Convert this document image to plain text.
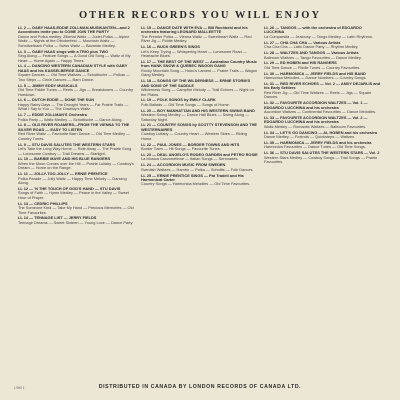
OTHER RECORDS YOU WILL ENJOY
LL 2 — GABY HAAS-EDDIE ZOLLMAN-MUSIKANTEN—and 2 Accordions invite you to COME JOIN THE PARTY
Dance and Polka medley. Zillertal Waltz — Jodel-Polka — Alpine Waltz — Nights at the Oktoberfest — Mountain Waltz — Schnitzelbank Polka — Swiss Waltz — Bavarian Medley.
LL 3 — GABY HAAS sings with a TRIO plus TWO
Sing Along — Feature Songs — A Good Old Song — Waltz of My Heart — Home Again — Happy Times.
LL 4 — DANCING WESTERN CANADIAN STYLE with GABY HAAS and his KASSELBERGE DANCE
Square Dances — Old Time Waltzes — Schottische — Polkas — Two Steps — Circle Dances — Barn Dance.
LL 5 — JIMMY EDDY MUSICALS
Old Time Fiddle Tunes — Reels — Jigs — Breakdowns — Country Hoedown.
LL 6 — DUTCH EDDIE — DONE THE SUN
Happy Rainy Days — The Drought Years — Far Prairie Trails — What I Say to You — The Cowboy's Waltz.
LL 7 — EDDIE ZOLLMAN'S Orchestra
Polka Party — Waltz Medley — Schottische — Dance Along.
LL 8 — OLD RIVER ROAMERS—FROM THE VIENNA TO THE SILVER ROAD — EASY TO LISTEN
Red River Waltz — Favourite Barn Dance — Old Time Medley — Country Tunes.
LL 9 — STU DAVIS SALUTES THE WESTERN STARS
Let's Take the Long Way Home — Ride Away — The Prairie Song — Lonesome Cowboy — Trail Dreams — Starlight.
LL 10 — BARBIE MAYE AND HIS BLUE RANGERS
When the Moon Comes over the Hill — Prairie Lullaby — Cowboy's Dream — Home on the Range.
LL 11 — JOLLY-TOO-JOLLY — ERNIE PRENTICE
Polka Parade — Jolly Waltz — Happy Time Melody — Dancing Along.
LL 12 — 'N THE TOUCH OF GOD'S HAND — STU DAVIS
Songs of Faith — Hymn Medley — Peace in the Valley — Sweet Hour of Prayer.
LL 13 — CEDRIC PHILLIPS
The Someone Kind — Take My Hand — Precious Memories — Old Time Favourites.
LL 14 — TENNAGE LIST — JERRY FIELDS
Teenage Dreams — Sweet Sixteen — Young Love — Dance Party.
LL 15 — DANCE DATE WITH EVA — Bill Ruchbeld and his orchestra featuring LEONARD MALLEETTE
The Premier Polka — Vienna Waltz — Sweetheart Waltz — Red River Jig — Fiddle Medley.
LL 16 — BUCK GREEN'S SINGS
Let's Keep Trying — Whispering Heart — Lonesome Road — Heartache Blues.
LL 17 — THE BEST OF THE WEST — Australian Country Music from HANK SNOW & QUEBEC WAGON GANG
Rocky Mountain Song — Hobo's Lament — Prairie Trails — Wagon Gang Medley.
LL 18 — SONGS OF THE WILDERNESS — ERNIE STORM'S AND SONS OF THE SADDLE
Wilderness Song — Campfire Melody — Trail Echoes — Night on the Plains.
LL 19 — FOLK SONGS by EMILY CLARK
Folk Ballads — Old Time Songs — Songs of Home.
LL 20 — BOY MANHATTAN AND HIS WESTERN SWING BAND
Western Swing Medley — Dance Hall Blues — Swing Along — Saturday Night.
LL 21 — COUNTRY SONGS by SCOTTY STEVENSON AND THE WESTERNAIRES
Cowboy Lullaby — Country Heart — Western Skies — Riding Home.
LL 22 — PAUL JONES — BORDER TOWNS AND HITS
Border Town — Hit Songs — Favourite Tunes.
LL 23 — DEAL ANGELO'S RODEO GARDEN and PETRO ROSIE
La Musica Canzonettone — Italian Songs — Serenades.
LL 24 — ACCORDION MUSIC FROM SWEDEN
Swedish Waltzes — Hambo — Polka — Schottis — Folk Dances.
LL 25 — ERNIE PRENTICE SINGS — Pat Tradell and His Harmonicat Carter
Country Songs — Harmonica Melodies — Old Time Favourites.
LL 26 — TANGOS — with the orchestra of EDOARDO LUCCHINA
La Cumparsita — Jealousy — Tango Medley — Latin Rhythms.
LL 27 — CHA CHA CHA — Various Artists
Cha Cha Cha — Latin Dance Party — Rhythm Medley.
LL 28 — WALTZES AND TANGOS — Various Artists
Ballroom Waltzes — Tango Favourites — Dance Medley.
LL 29 — ED HOBEN and HIS RANGERS
Old Time Dance — Fiddle Tunes — Country Favourites.
LL 30 — HARMONICA — JERRY FIELDS and HIS BAND
Harmonica Melodies — Dance Numbers — Country Songs.
LL 31 — RED RIVER ECHOES — Vol. 2 — ANDY DEJARLIS and his Early Settlers
Red River Jig — Old Time Waltzes — Reels — Jigs — Square Dances.
LL 32 — FAVOURITE ACCORDION WALTZES — Vol. 1 — EDOARDO LUCCHINA and his orchestra
Accordion Waltzes — Continental Favourites — Dance Melodies.
LL 33 — FAVOURITE ACCORDION WALTZES — Vol. 2 — EDOARDO LUCCHINA and his orchestra
Waltz Medley — Romantic Waltzes — Ballroom Favourites.
LL 34 — LET'S GO DANCING — AL HOBEN and his orchestra
Dance Medley — Foxtrots — Quicksteps — Waltzes.
LL 35 — HARMONICA — JERRY FIELDS and his orchestra
Harmonica Favourites — Dance Tunes — Old Time Songs.
LL 36 — STU DAVIS SALUTES THE WESTERN STARS — Vol. 2
Western Stars Medley — Cowboy Songs — Trail Songs — Prairie Favourites.
L 900 1	DISTRIBUTED IN CANADA BY LONDON RECORDS OF CANADA LTD.
